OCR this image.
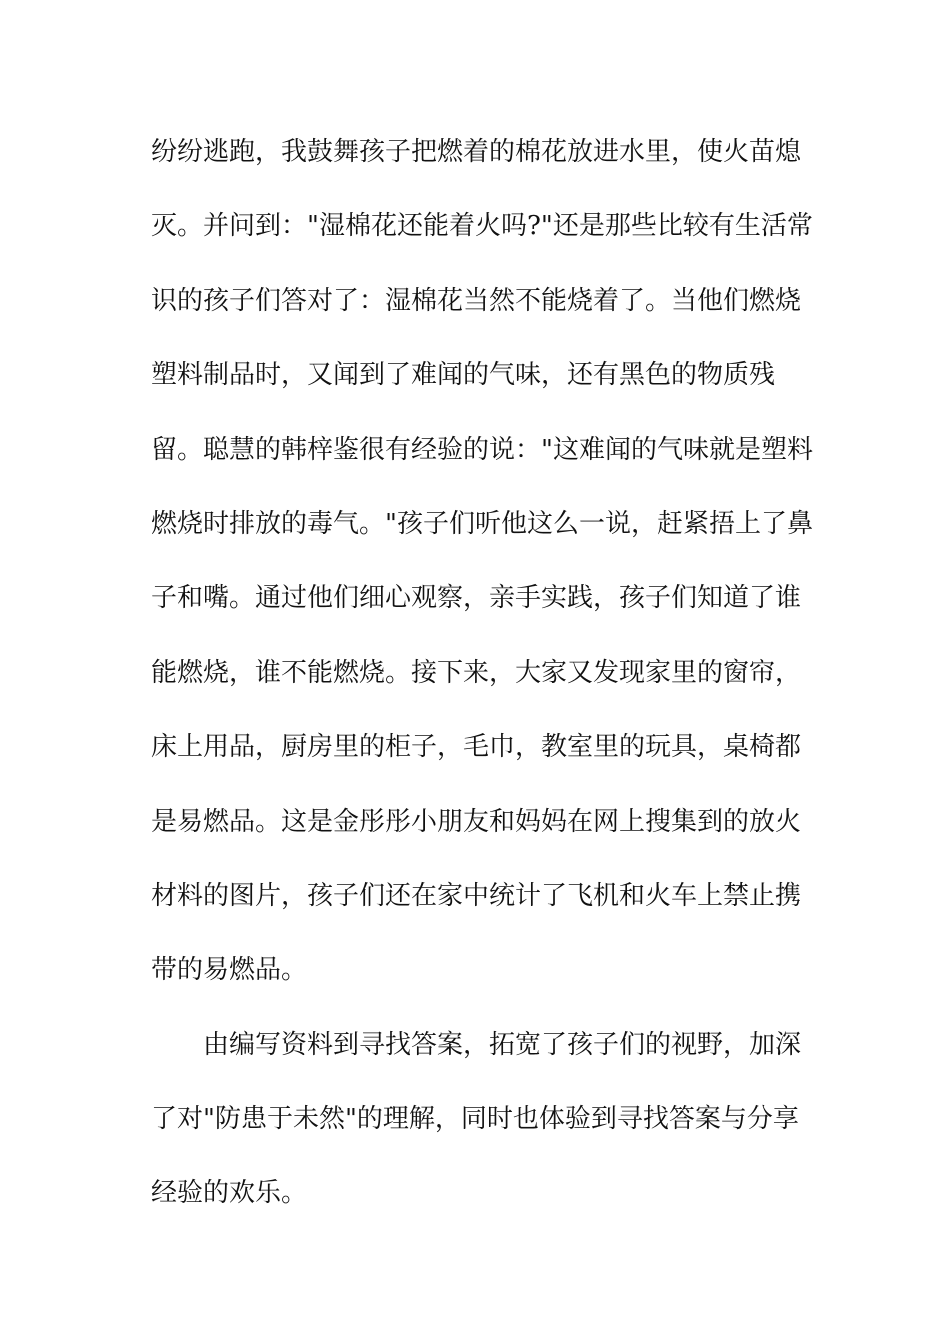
纷纷逃跑，我鼓舞孩子把燃着的棉花放进水里，使火苗熄
灭。并问到："湿棉花还能着火吗?"还是那些比较有生活常
识的孩子们答对了：湿棉花当然不能烧着了。当他们燃烧
塑料制品时，又闻到了难闻的气味，还有黑色的物质残
留。聪慧的韩梓鉴很有经验的说："这难闻的气味就是塑料
燃烧时排放的毒气。"孩子们听他这么一说，赶紧捂上了鼻
子和嘴。通过他们细心观察，亲手实践，孩子们知道了谁
能燃烧，谁不能燃烧。接下来，大家又发现家里的窗帘，
床上用品，厨房里的柜子，毛巾，教室里的玩具，桌椅都
是易燃品。这是金彤彤小朋友和妈妈在网上搜集到的放火
材料的图片，孩子们还在家中统计了飞机和火车上禁止携
带的易燃品。
由编写资料到寻找答案，拓宽了孩子们的视野，加深
了对"防患于未然"的理解，同时也体验到寻找答案与分享
经验的欢乐。
